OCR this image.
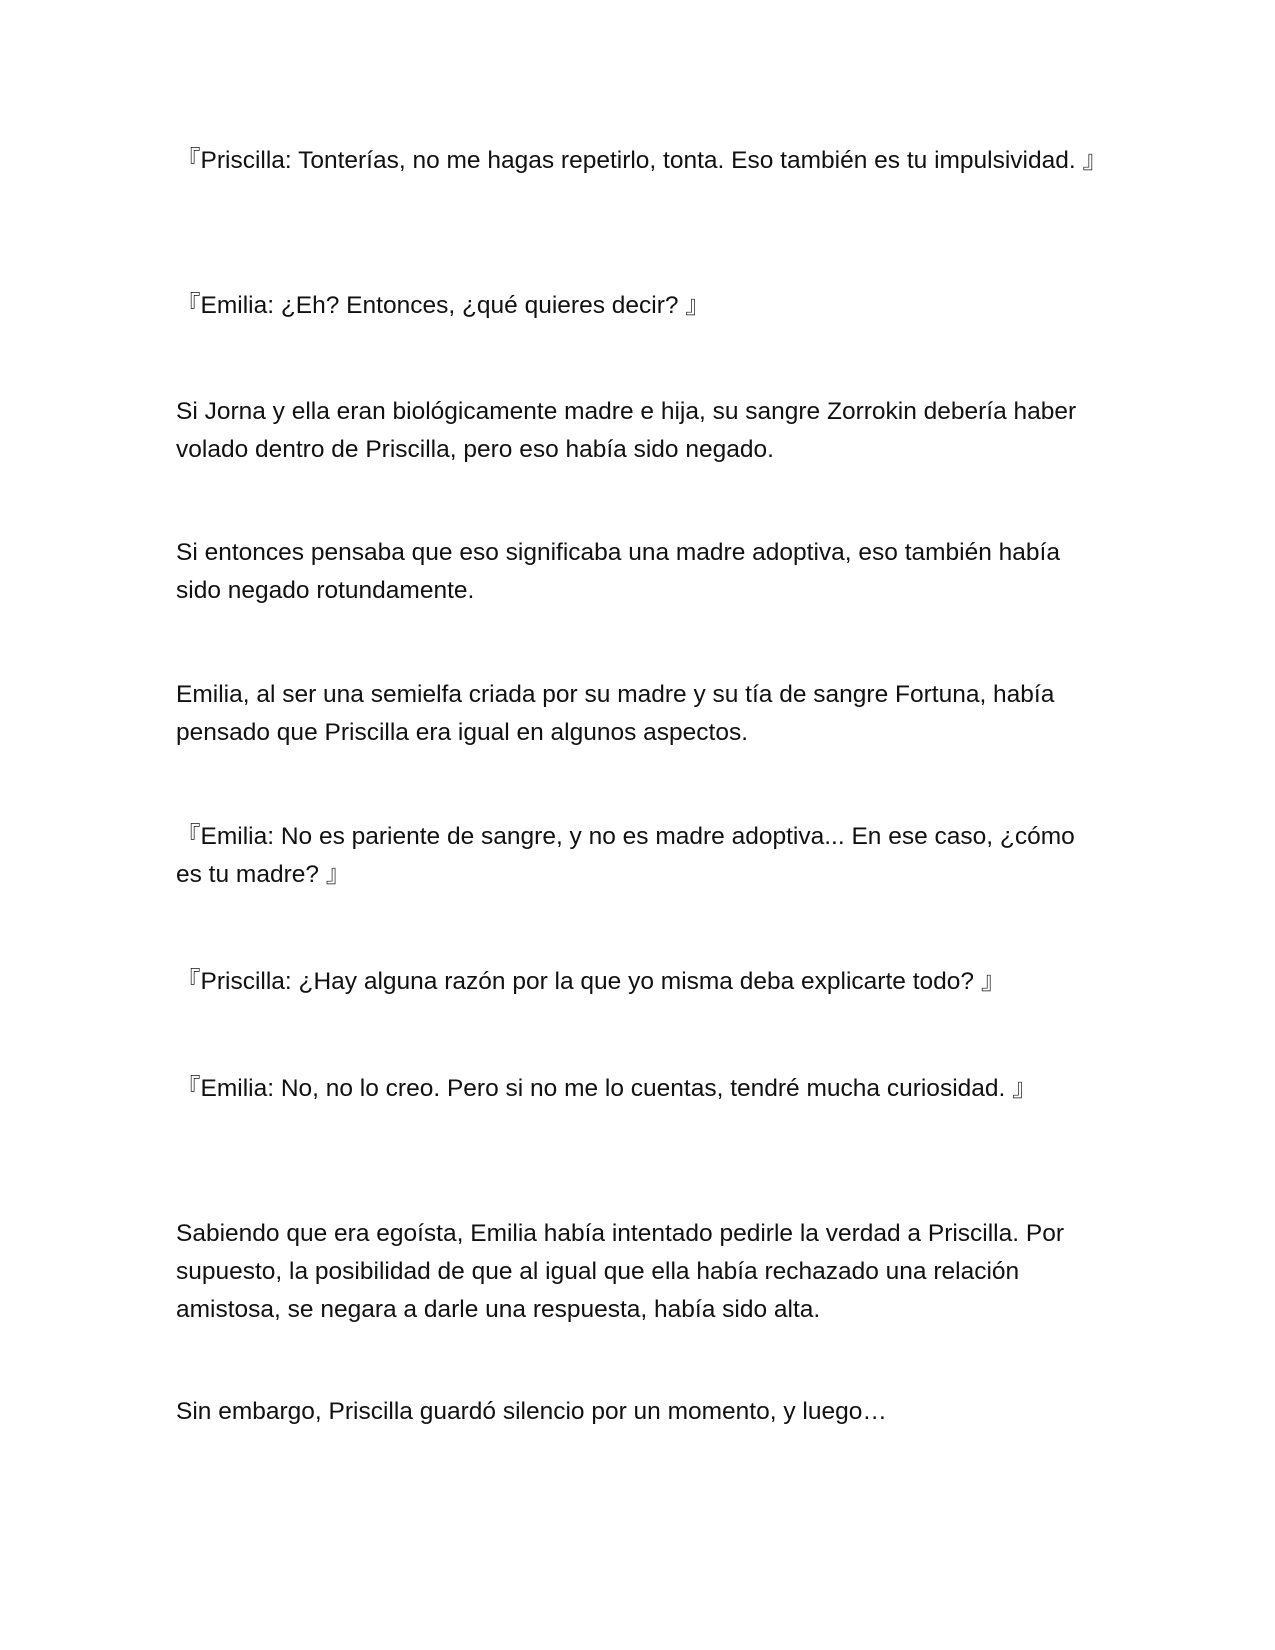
『Priscilla: Tonterías, no me hagas repetirlo, tonta. Eso también es tu impulsividad. 』

『Emilia: ¿Eh? Entonces, ¿qué quieres decir? 』

Si Jorna y ella eran biológicamente madre e hija, su sangre Zorrokin debería haber volado dentro de Priscilla, pero eso había sido negado.

Si entonces pensaba que eso significaba una madre adoptiva, eso también había sido negado rotundamente.

Emilia, al ser una semielfa criada por su madre y su tía de sangre Fortuna, había pensado que Priscilla era igual en algunos aspectos.

『Emilia: No es pariente de sangre, y no es madre adoptiva... En ese caso, ¿cómo es tu madre? 』

『Priscilla: ¿Hay alguna razón por la que yo misma deba explicarte todo? 』

『Emilia: No, no lo creo. Pero si no me lo cuentas, tendré mucha curiosidad. 』

Sabiendo que era egoísta, Emilia había intentado pedirle la verdad a Priscilla. Por supuesto, la posibilidad de que al igual que ella había rechazado una relación amistosa, se negara a darle una respuesta, había sido alta.

Sin embargo, Priscilla guardó silencio por un momento, y luego…
